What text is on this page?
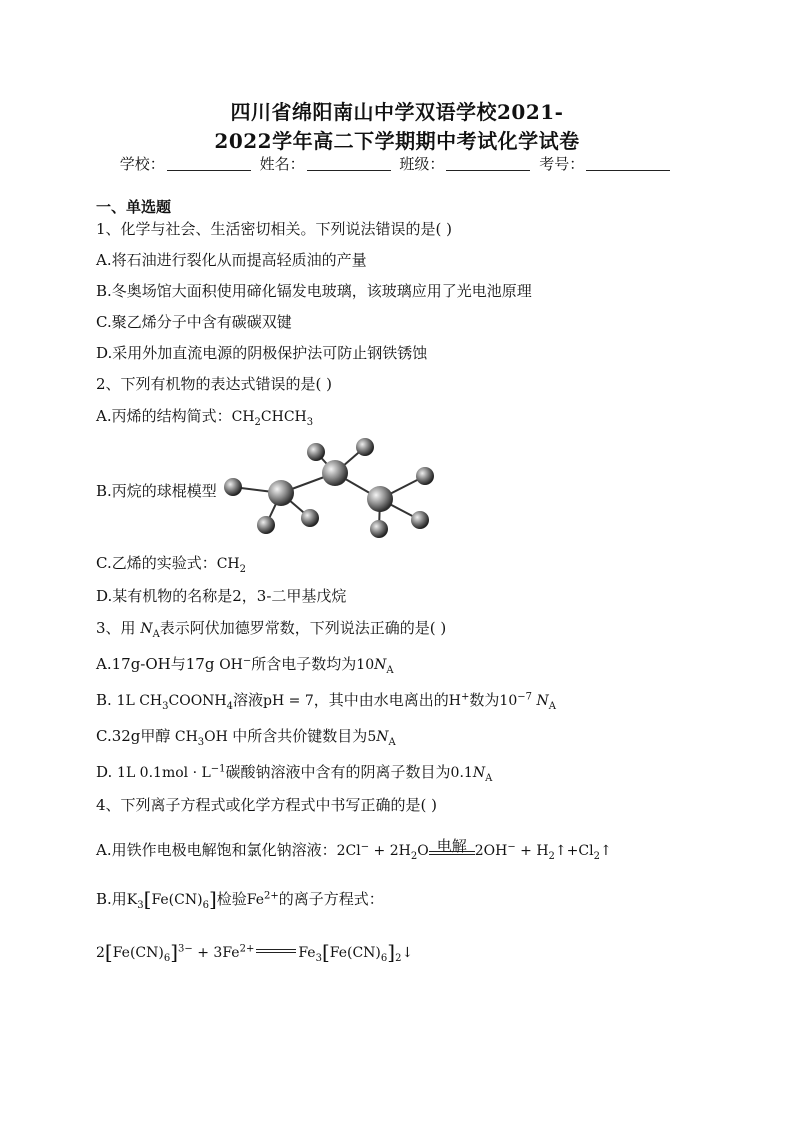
四川省绵阳南山中学双语学校2021-
2022学年高二下学期期中考试化学试卷
学校：	姓名：	班级：	考号：
一、单选题
1、化学与社会、生活密切相关。下列说法错误的是( )
A.将石油进行裂化从而提高轻质油的产量
B.冬奥场馆大面积使用碲化镉发电玻璃，该玻璃应用了光电池原理
C.聚乙烯分子中含有碳碳双键
D.采用外加直流电源的阴极保护法可防止钢铁锈蚀
2、下列有机物的表达式错误的是( )
A.丙烯的结构简式：$CH_2CHCH_3$
B.丙烷的球棍模型
C.乙烯的实验式：$CH_2$
D.某有机物的名称是2，3-二甲基戊烷
3、用 $N_A$表示阿伏加德罗常数，下列说法正确的是( )
A.17g-OH与17g OH−所含电子数均为$10N_A$
B. 1L $CH_3COONH_4$溶液pH = 7，其中由水电离出的H+数为$10^{-7}$ $N_A$
C.32g甲醇 $CH_3OH$ 中所含共价键数目为$5N_A$
D. 1L $0.1mol \cdot L^{-1}$碳酸钠溶液中含有的阴离子数目为$0.1N_A$
4、下列离子方程式或化学方程式中书写正确的是( )
A.用铁作电极电解饱和氯化钠溶液：$2Cl^- + 2H_2O$ 电解 $2OH^- + H_2↑+Cl_2↑$
B.用$K_3[Fe(CN)_6]$检验$Fe^{2+}$的离子方程式：
$2[Fe(CN)_6]^{3-} + 3Fe^{2+}$	$Fe_3[Fe(CN)_6]_2↓$
